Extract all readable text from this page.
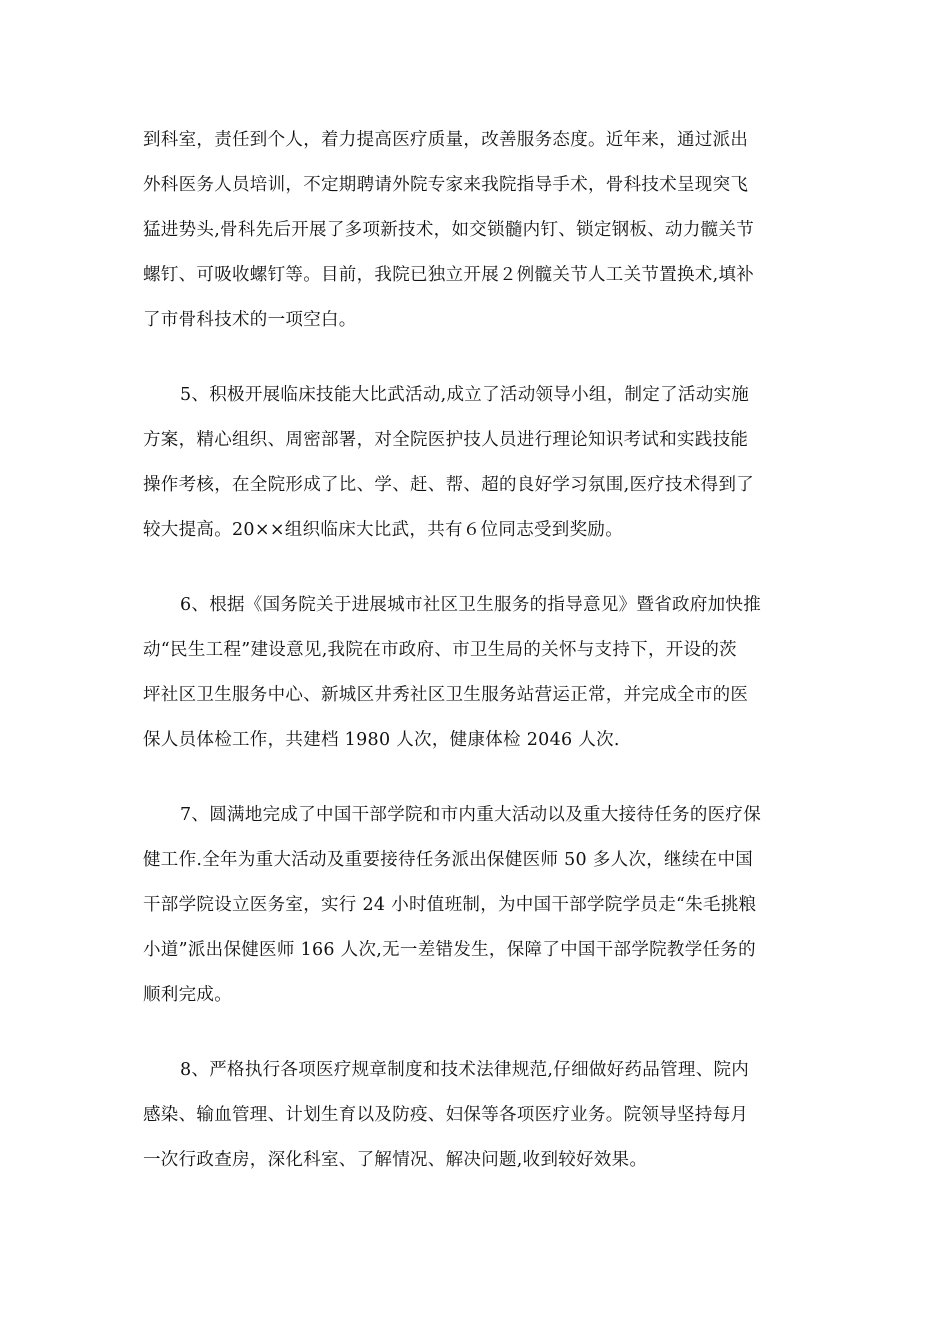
到科室，责任到个人，着力提高医疗质量，改善服务态度。近年来，通过派出
外科医务人员培训，不定期聘请外院专家来我院指导手术，骨科技术呈现突飞
猛进势头,骨科先后开展了多项新技术，如交锁髓内钉、锁定钢板、动力髋关节
螺钉、可吸收螺钉等。目前，我院已独立开展２例髋关节人工关节置换术,填补
了市骨科技术的一项空白。

5、积极开展临床技能大比武活动,成立了活动领导小组，制定了活动实施
方案，精心组织、周密部署，对全院医护技人员进行理论知识考试和实践技能
操作考核，在全院形成了比、学、赶、帮、超的良好学习氛围,医疗技术得到了
较大提高。20××组织临床大比武，共有６位同志受到奖励。

6、根据《国务院关于进展城市社区卫生服务的指导意见》暨省政府加快推
动“民生工程”建设意见,我院在市政府、市卫生局的关怀与支持下，开设的茨
坪社区卫生服务中心、新城区井秀社区卫生服务站营运正常，并完成全市的医
保人员体检工作，共建档 1980 人次，健康体检 2046 人次.

7、圆满地完成了中国干部学院和市内重大活动以及重大接待任务的医疗保
健工作.全年为重大活动及重要接待任务派出保健医师 50 多人次，继续在中国
干部学院设立医务室，实行 24 小时值班制，为中国干部学院学员走“朱毛挑粮
小道”派出保健医师 166 人次,无一差错发生，保障了中国干部学院教学任务的
顺利完成。

8、严格执行各项医疗规章制度和技术法律规范,仔细做好药品管理、院内
感染、输血管理、计划生育以及防疫、妇保等各项医疗业务。院领导坚持每月
一次行政查房，深化科室、了解情况、解决问题,收到较好效果。
